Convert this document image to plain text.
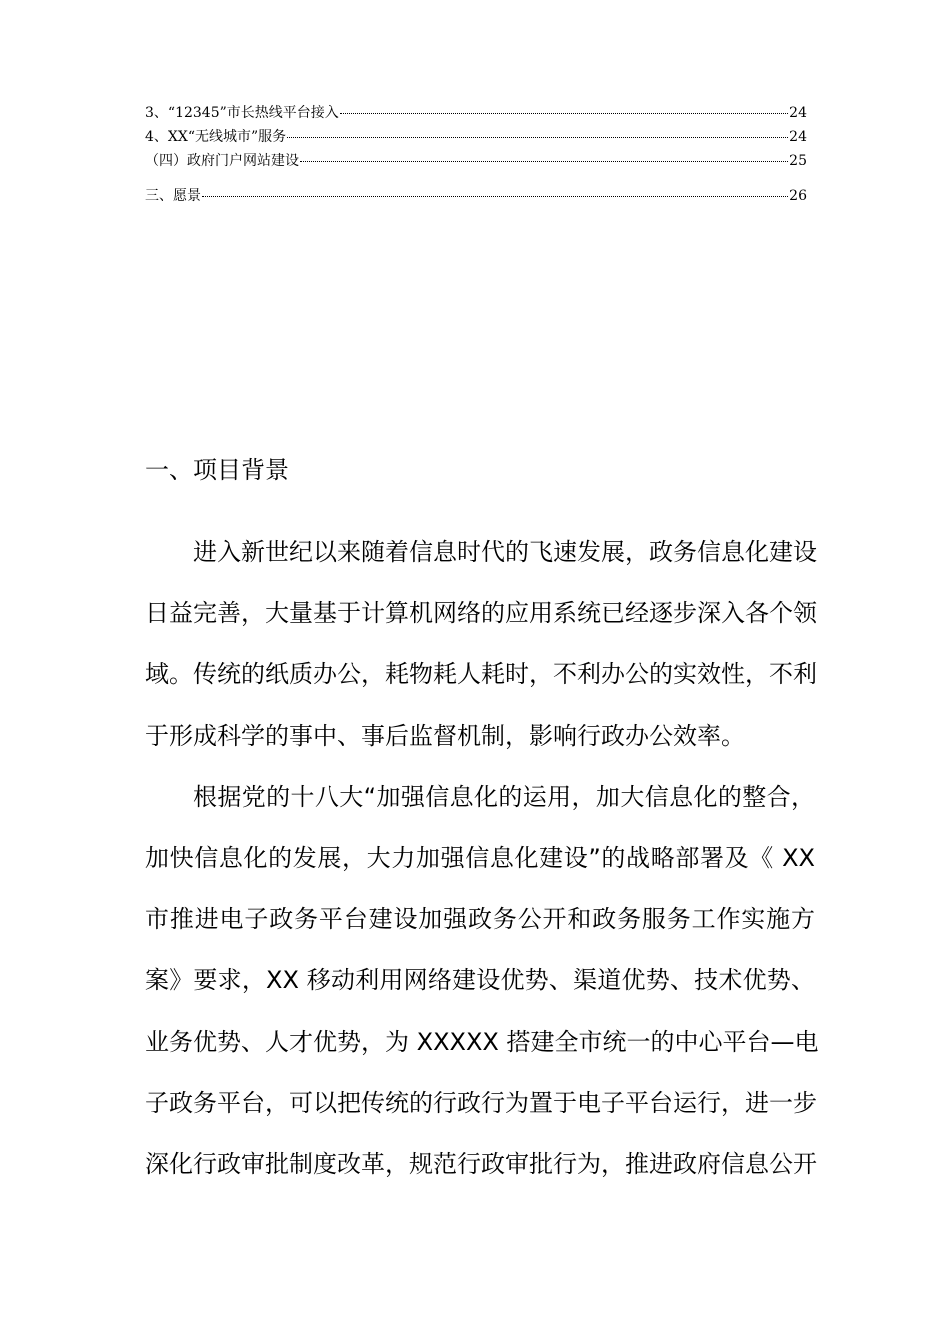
3、“12345”市长热线平台接入	24
4、XX“无线城市”服务	24
（四）政府门户网站建设	25
三、愿景	26
一、项目背景
进入新世纪以来随着信息时代的飞速发展，政务信息化建设
日益完善，大量基于计算机网络的应用系统已经逐步深入各个领
域。传统的纸质办公，耗物耗人耗时，不利办公的实效性，不利
于形成科学的事中、事后监督机制，影响行政办公效率。
根据党的十八大“加强信息化的运用，加大信息化的整合，
加快信息化的发展，大力加强信息化建设”的战略部署及《 XX
市推进电子政务平台建设加强政务公开和政务服务工作实施方
案》要求，XX 移动利用网络建设优势、渠道优势、技术优势、
业务优势、人才优势，为 XXXXX 搭建全市统一的中心平台—电
子政务平台，可以把传统的行政行为置于电子平台运行，进一步
深化行政审批制度改革，规范行政审批行为，推进政府信息公开
